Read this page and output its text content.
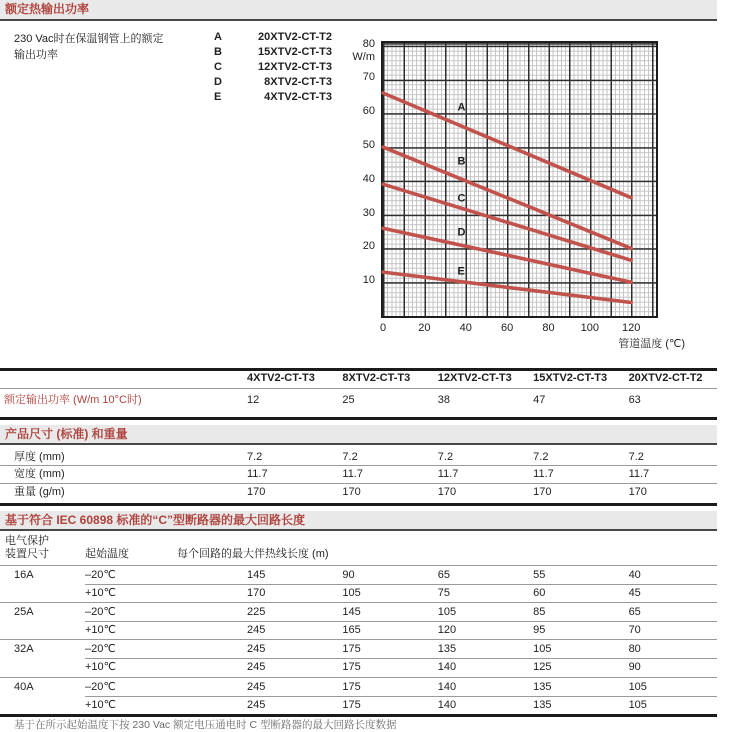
额定热输出功率
230 Vac时在保温钢管上的额定
输出功率
A	20XTV2-CT-T2
B	15XTV2-CT-T3
C	12XTV2-CT-T3
D	8XTV2-CT-T3
E	4XTV2-CT-T3
W/m
80
70
60
50
40
30
20
10
A
B
C
D
E
0	20	40	60	80	100	120
管道温度 (℃)
4XTV2-CT-T3	8XTV2-CT-T3	12XTV2-CT-T3	15XTV2-CT-T3	20XTV2-CT-T2
额定输出功率 (W/m 10°C时)	12	25	38	47	63
产品尺寸 (标准) 和重量
厚度 (mm)	7.2	7.2	7.2	7.2	7.2
宽度 (mm)	11.7	11.7	11.7	11.7	11.7
重量 (g/m)	170	170	170	170	170
基于符合 IEC 60898 标准的“C”型断路器的最大回路长度
电气保护
装置尺寸	起始温度	每个回路的最大伴热线长度 (m)
16A	–20℃	145	90	65	55	40
+10℃	170	105	75	60	45
25A	–20℃	225	145	105	85	65
+10℃	245	165	120	95	70
32A	–20℃	245	175	135	105	80
+10℃	245	175	140	125	90
40A	–20℃	245	175	140	135	105
+10℃	245	175	140	135	105
基于在所示起始温度下按 230 Vac 额定电压通电时 C 型断路器的最大回路长度数据
